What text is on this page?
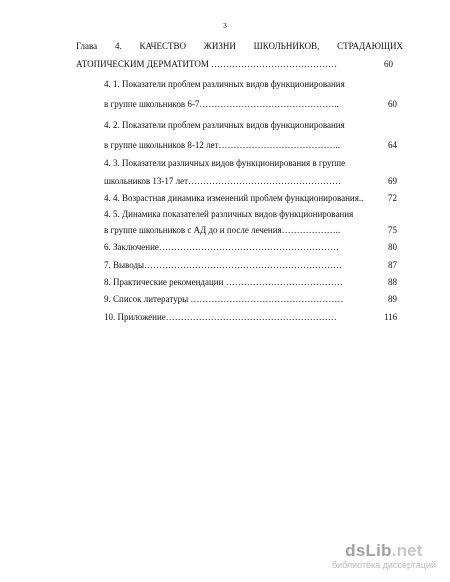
3
Глава 4. КАЧЕСТВО ЖИЗНИ ШКОЛЬНИКОВ, СТРАДАЮЩИХ
АТОПИЧЕСКИМ ДЕРМАТИТОМ ……………………………………	60
4. 1. Показатели проблем различных видов функционирования
в группе школьников 6-7………………………………………..	60
4. 2. Показатели проблем различных видов функционирования
в группе школьников 8-12 лет…………………………………..	64
4. 3. Показатели различных видов функционирования в группе
школьников 13-17 лет……………………………………………	69
4. 4. Возрастная динамика изменений проблем функционирования..	72
4. 5. Динамика показателей различных видов функционирования
в группе школьников с АД до и после лечения………………..	75
6. Заключение……………………………………………………	80
7. Выводы…………………………………………………………	87
8. Практические рекомендации …………………………………	88
9. Список литературы ……………………………………………	89
10. Приложение…………………………………………………	116
dsLib.net
библиотека диссертаций
